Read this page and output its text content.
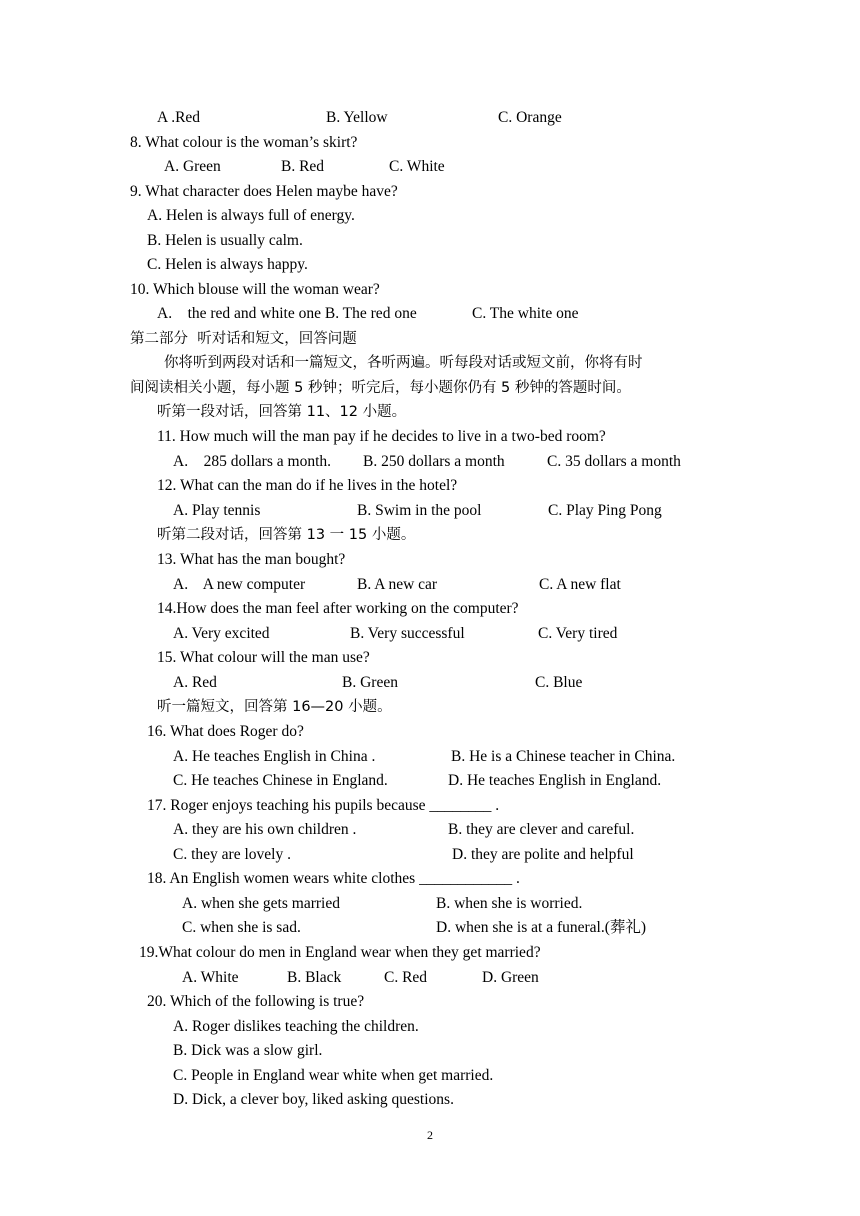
A .Red	B. Yellow	C. Orange
8. What colour is the woman’s skirt?
A. Green	B. Red	C. White
9. What character does Helen maybe have?
A. Helen is always full of energy.
B. Helen is usually calm.
C. Helen is always happy.
10. Which blouse will the woman wear?
A.    the red and white one B. The red one	C. The white one
第二部分  听对话和短文，回答问题
你将听到两段对话和一篇短文，各听两遍。听每段对话或短文前，你将有时
间阅读相关小题，每小题 5 秒钟；听完后，每小题你仍有 5 秒钟的答题时间。
听第一段对话，回答第 11、12 小题。
11. How much will the man pay if he decides to live in a two-bed room?
A.    285 dollars a month. B. 250 dollars a month	C. 35 dollars a month
12. What can the man do if he lives in the hotel?
A. Play tennis	B. Swim in the pool	C. Play Ping Pong
听第二段对话，回答第 13 一 15 小题。
13. What has the man bought?
A.    A new computer	B. A new car	C. A new flat
14.How does the man feel after working on the computer?
A. Very excited	B. Very successful	C. Very tired
15. What colour will the man use?
A. Red	B. Green	C. Blue
听一篇短文，回答第 16—20 小题。
16. What does Roger do?
A. He teaches English in China .	B. He is a Chinese teacher in China.
C. He teaches Chinese in England.	D. He teaches English in England.
17. Roger enjoys teaching his pupils because ________ .
A. they are his own children .	B. they are clever and careful.
C. they are lovely .	D. they are polite and helpful
18. An English women wears white clothes ____________ .
A. when she gets married	B. when she is worried.
C. when she is sad.	D. when she is at a funeral.(葬礼)
19.What colour do men in England wear when they get married?
A. White	B. Black	C. Red	D. Green
20. Which of the following is true?
A. Roger dislikes teaching the children.
B. Dick was a slow girl.
C. People in England wear white when get married.
D. Dick, a clever boy, liked asking questions.
2
